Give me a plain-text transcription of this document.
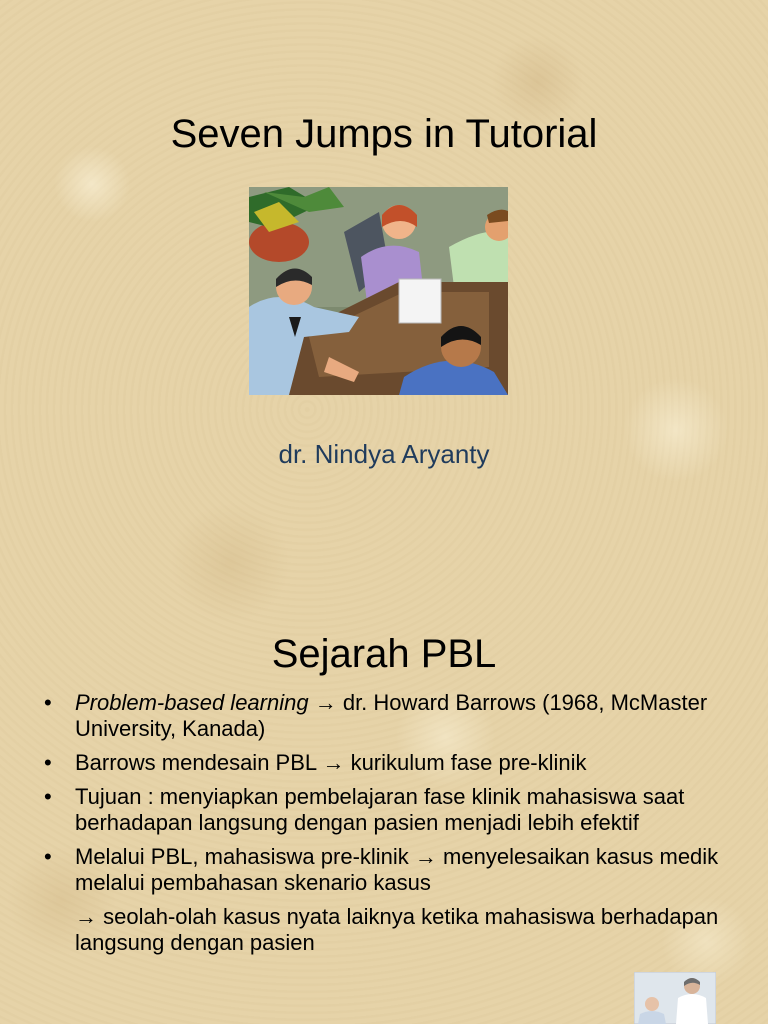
Seven Jumps in Tutorial
dr. Nindya Aryanty
Sejarah PBL
• Problem-based learning → dr. Howard Barrows (1968, McMaster University, Kanada)
• Barrows mendesain PBL → kurikulum fase pre-klinik
• Tujuan : menyiapkan pembelajaran fase klinik mahasiswa saat berhadapan langsung dengan pasien menjadi lebih efektif
• Melalui PBL, mahasiswa pre-klinik → menyelesaikan kasus medik melalui pembahasan skenario kasus
→ seolah-olah kasus nyata laiknya ketika mahasiswa berhadapan langsung dengan pasien
